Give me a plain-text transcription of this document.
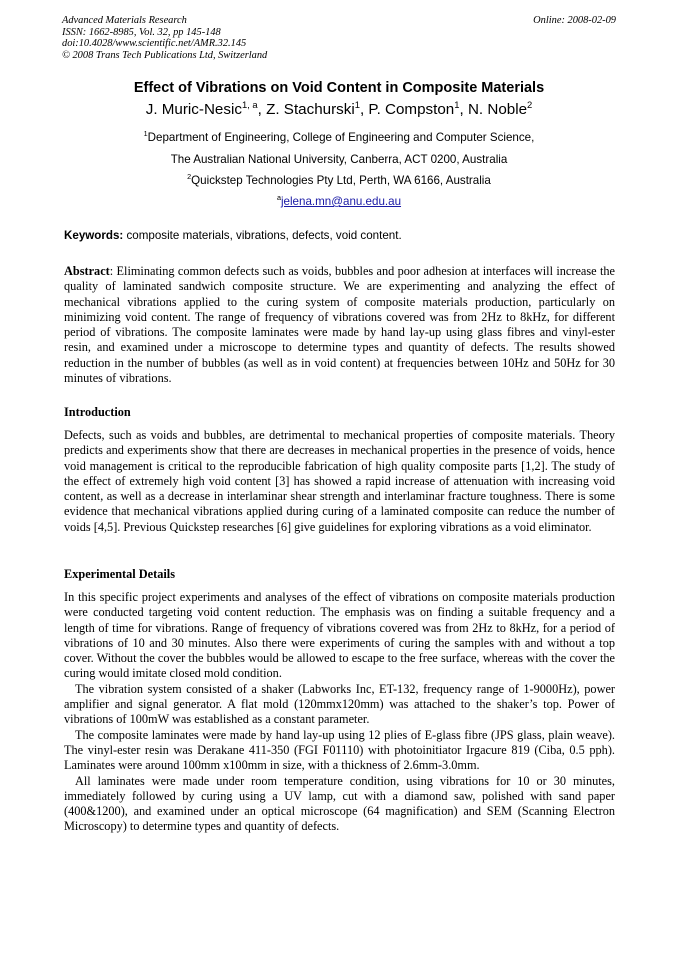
Advanced Materials Research
ISSN: 1662-8985, Vol. 32, pp 145-148
doi:10.4028/www.scientific.net/AMR.32.145
© 2008 Trans Tech Publications Ltd, Switzerland
Online: 2008-02-09
Effect of Vibrations on Void Content in Composite Materials
J. Muric-Nesic$^{1, a}$, Z. Stachurski$^1$, P. Compston$^1$, N. Noble$^2$
$^1$Department of Engineering, College of Engineering and Computer Science,
The Australian National University, Canberra, ACT 0200, Australia
$^2$Quickstep Technologies Pty Ltd, Perth, WA 6166, Australia
$^a$jelena.mn@anu.edu.au
Keywords: composite materials, vibrations, defects, void content.

Abstract: Eliminating common defects such as voids, bubbles and poor adhesion at interfaces will increase the quality of laminated sandwich composite structure. We are experimenting and analyzing the effect of mechanical vibrations applied to the curing system of composite materials production, particularly on minimizing void content. The range of frequency of vibrations covered was from 2Hz to 8kHz, for different period of vibrations. The composite laminates were made by hand lay-up using glass fibres and vinyl-ester resin, and examined under a microscope to determine types and quantity of defects. The results showed reduction in the number of bubbles (as well as in void content) at frequencies between 10Hz and 50Hz for 30 minutes of vibrations.

Introduction

Defects, such as voids and bubbles, are detrimental to mechanical properties of composite materials. Theory predicts and experiments show that there are decreases in mechanical properties in the presence of voids, hence void management is critical to the reproducible fabrication of high quality composite parts [1,2]. The study of the effect of extremely high void content [3] has showed a rapid increase of attenuation with increasing void content, as well as a decrease in interlaminar shear strength and interlaminar fracture toughness. There is some evidence that mechanical vibrations applied during curing of a laminated composite can reduce the number of voids [4,5]. Previous Quickstep researches [6] give guidelines for exploring vibrations as a void eliminator.

Experimental Details

In this specific project experiments and analyses of the effect of vibrations on composite materials production were conducted targeting void content reduction. The emphasis was on finding a suitable frequency and a length of time for vibrations. Range of frequency of vibrations covered was from 2Hz to 8kHz, for a period of vibrations of 10 and 30 minutes. Also there were experiments of curing the samples with and without a top cover. Without the cover the bubbles would be allowed to escape to the free surface, whereas with the cover the curing would imitate closed mold condition.

The vibration system consisted of a shaker (Labworks Inc, ET-132, frequency range of 1-9000Hz), power amplifier and signal generator. A flat mold (120mmx120mm) was attached to the shaker’s top. Power of vibrations of 100mW was established as a constant parameter.

The composite laminates were made by hand lay-up using 12 plies of E-glass fibre (JPS glass, plain weave). The vinyl-ester resin was Derakane 411-350 (FGI F01110) with photoinitiator Irgacure 819 (Ciba, 0.5 pph). Laminates were around 100mm x100mm in size, with a thickness of 2.6mm-3.0mm.

All laminates were made under room temperature condition, using vibrations for 10 or 30 minutes, immediately followed by curing using a UV lamp, cut with a diamond saw, polished with sand paper (400&1200), and examined under an optical microscope (64 magnification) and SEM (Scanning Electron Microscopy) to determine types and quantity of defects.
